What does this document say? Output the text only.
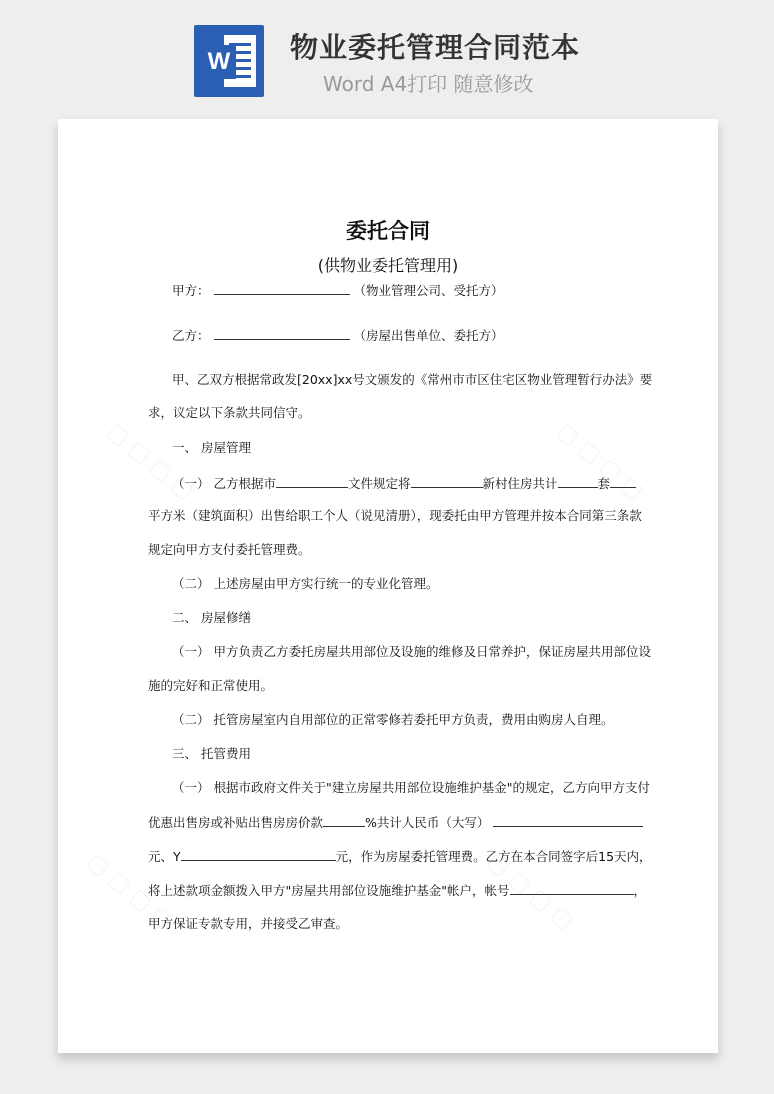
W 物业委托管理合同范本
Word A4打印 随意修改
委托合同
(供物业委托管理用)
甲方：	（物业管理公司、受托方）
乙方：	（房屋出售单位、委托方）
甲、乙双方根据常政发[20xx]xx号文颁发的《常州市市区住宅区物业管理暂行办法》要
求，议定以下条款共同信守。
一、 房屋管理
（一） 乙方根据市	文件规定将	新村住房共计	套
平方米（建筑面积）出售给职工个人（说见清册），现委托由甲方管理并按本合同第三条款
规定向甲方支付委托管理费。
（二） 上述房屋由甲方实行统一的专业化管理。
二、 房屋修缮
（一） 甲方负责乙方委托房屋共用部位及设施的维修及日常养护，保证房屋共用部位设
施的完好和正常使用。
（二） 托管房屋室内自用部位的正常零修若委托甲方负责，费用由购房人自理。
三、 托管费用
（一） 根据市政府文件关于"建立房屋共用部位设施维护基金"的规定，乙方向甲方支付
优惠出售房或补贴出售房房价款	%共计人民币（大写）
元、Y	元，作为房屋委托管理费。乙方在本合同签字后15天内，
将上述款项金额拨入甲方"房屋共用部位设施维护基金"帐户，帐号	，
甲方保证专款专用，并接受乙审查。
